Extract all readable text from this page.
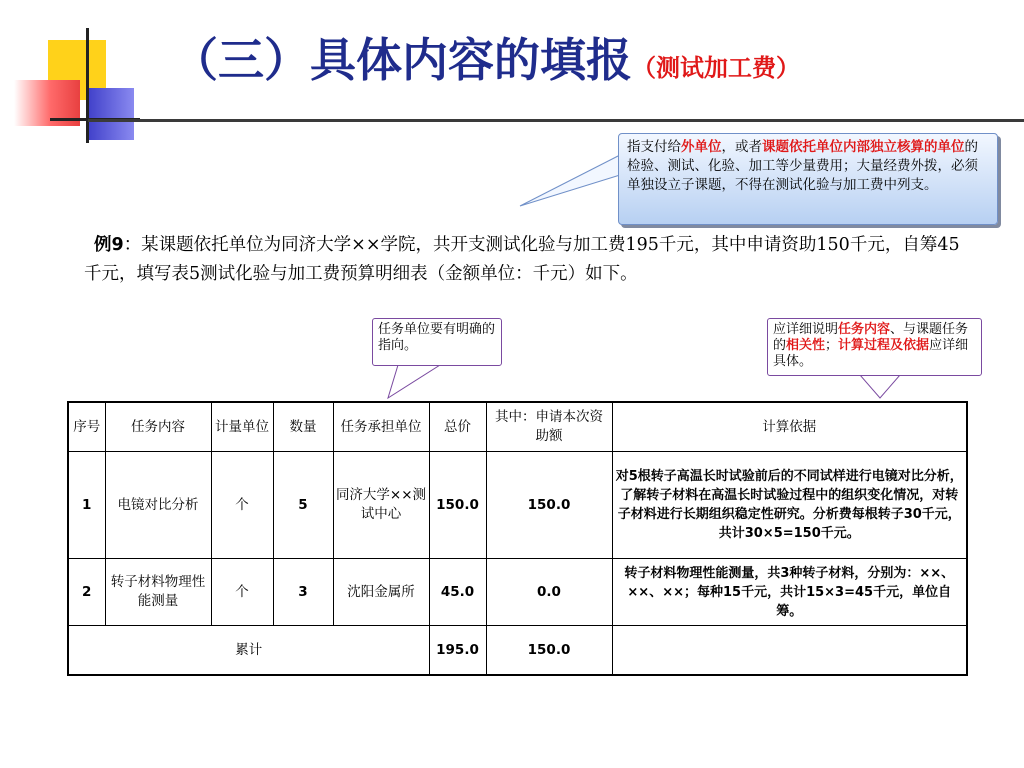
（三）具体内容的填报（测试加工费）
指支付给外单位，或者课题依托单位内部独立核算的单位的检验、测试、化验、加工等少量费用；大量经费外拨，必须单独设立子课题，不得在测试化验与加工费中列支。
例9：某课题依托单位为同济大学××学院，共开支测试化验与加工费195千元，其中申请资助150千元，自筹45千元，填写表5测试化验与加工费预算明细表（金额单位：千元）如下。
任务单位要有明确的指向。
应详细说明任务内容、与课题任务的相关性；计算过程及依据应详细具体。
序号	任务内容	计量单位	数量	任务承担单位	总价	其中：申请本次资助额	计算依据
1	电镜对比分析	个	5	同济大学××测试中心	150.0	150.0	对5根转子高温长时试验前后的不同试样进行电镜对比分析，了解转子材料在高温长时试验过程中的组织变化情况，对转子材料进行长期组织稳定性研究。分析费每根转子30千元，共计30×5=150千元。
2	转子材料物理性能测量	个	3	沈阳金属所	45.0	0.0	转子材料物理性能测量，共3种转子材料，分别为：××、××、××；每种15千元，共计15×3=45千元，单位自筹。
累计					195.0	150.0	
